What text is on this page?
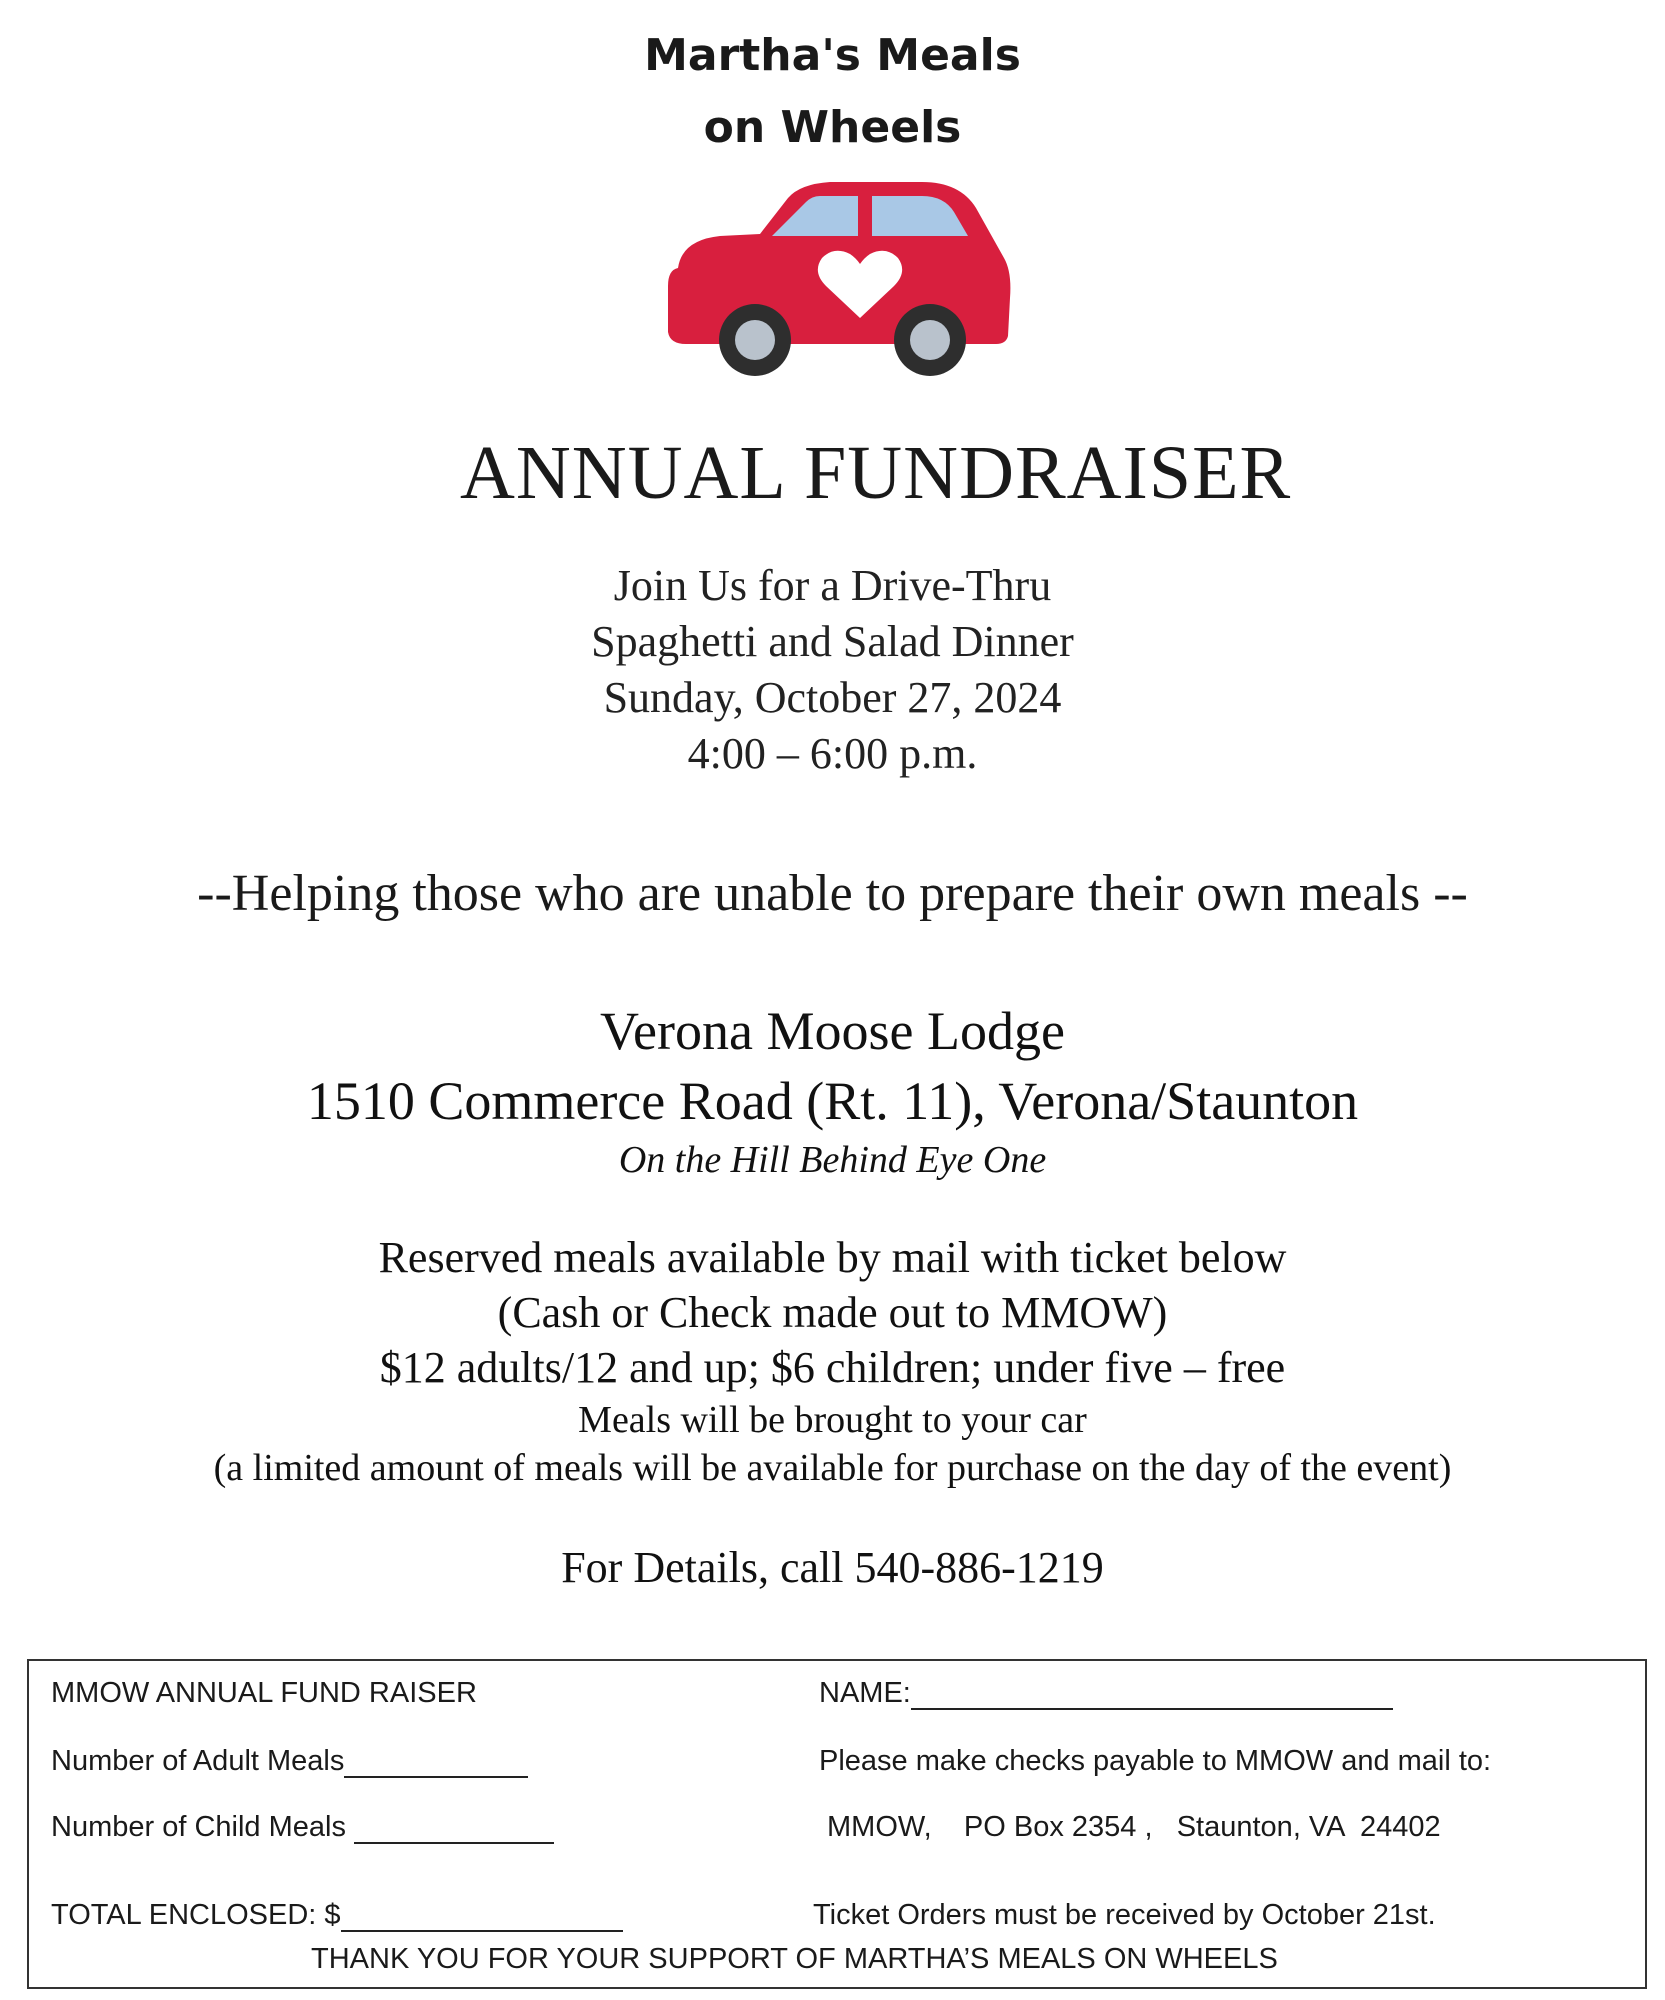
Martha's Meals
on Wheels
ANNUAL FUNDRAISER
Join Us for a Drive-Thru
Spaghetti and Salad Dinner
Sunday, October 27, 2024
4:00 – 6:00 p.m.
--Helping those who are unable to prepare their own meals --
Verona Moose Lodge
1510 Commerce Road (Rt. 11), Verona/Staunton
On the Hill Behind Eye One
Reserved meals available by mail with ticket below
(Cash or Check made out to MMOW)
$12 adults/12 and up; $6 children; under five – free
Meals will be brought to your car
(a limited amount of meals will be available for purchase on the day of the event)
For Details, call 540-886-1219
MMOW ANNUAL FUND RAISER	NAME:
Number of Adult Meals	Please make checks payable to MMOW and mail to:
Number of Child Meals	MMOW,    PO Box 2354 ,   Staunton, VA  24402
TOTAL ENCLOSED: $	Ticket Orders must be received by October 21st.
THANK YOU FOR YOUR SUPPORT OF MARTHA’S MEALS ON WHEELS
